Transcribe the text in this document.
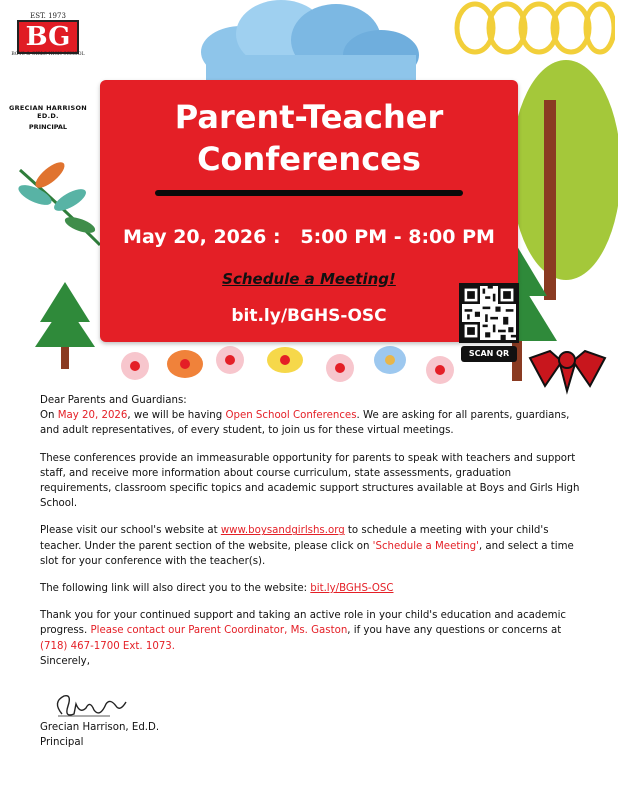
EST. 1973
BG
BOYS & GIRLS HIGH SCHOOL
GRECIAN HARRISON ED.D.
PRINCIPAL	Parent-Teacher
Conferences
May 20, 2026 : 5:00 PM - 8:00 PM
Schedule a Meeting!
bit.ly/BGHS-OSC
SCAN QR

Dear Parents and Guardians:

On May 20, 2026, we will be having Open School Conferences. We are asking for all parents, guardians, and adult representatives, of every student, to join us for these virtual meetings.

These conferences provide an immeasurable opportunity for parents to speak with teachers and support staff, and receive more information about course curriculum, state assessments, graduation requirements, classroom specific topics and academic support structures available at Boys and Girls High School.

Please visit our school's website at www.boysandgirlshs.org to schedule a meeting with your child's teacher. Under the parent section of the website, please click on 'Schedule a Meeting', and select a time slot for your conference with the teacher(s).

The following link will also direct you to the website: bit.ly/BGHS-OSC

Thank you for your continued support and taking an active role in your child's education and academic progress. Please contact our Parent Coordinator, Ms. Gaston, if you have any questions or concerns at (718) 467-1700 Ext. 1073.

Sincerely,

Grecian Harrison, Ed.D.
Principal
